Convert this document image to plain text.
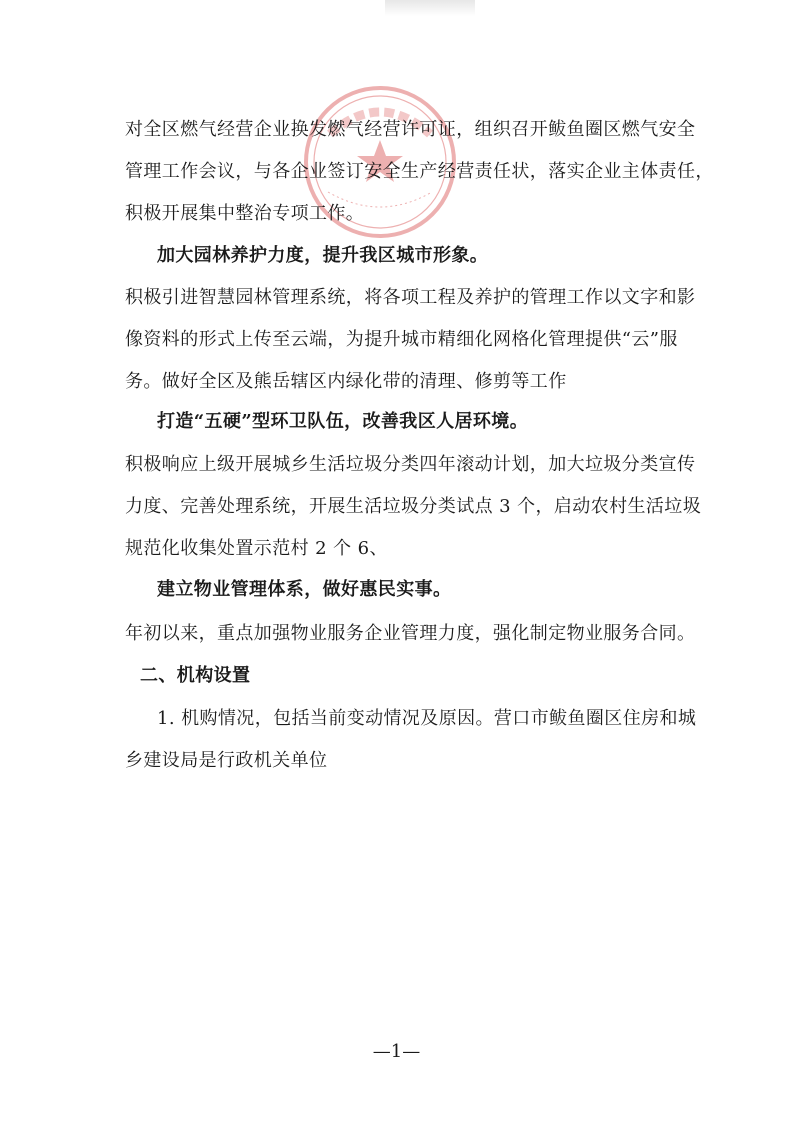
对全区燃气经营企业换发燃气经营许可证，组织召开鲅鱼圈区燃气安全
管理工作会议，与各企业签订安全生产经营责任状，落实企业主体责任，
积极开展集中整治专项工作。
加大园林养护力度，提升我区城市形象。
积极引进智慧园林管理系统，将各项工程及养护的管理工作以文字和影
像资料的形式上传至云端，为提升城市精细化网格化管理提供“云”服
务。做好全区及熊岳辖区内绿化带的清理、修剪等工作
打造“五硬”型环卫队伍，改善我区人居环境。
积极响应上级开展城乡生活垃圾分类四年滚动计划，加大垃圾分类宣传
力度、完善处理系统，开展生活垃圾分类试点 3 个，启动农村生活垃圾
规范化收集处置示范村 2 个 6、
建立物业管理体系，做好惠民实事。
年初以来，重点加强物业服务企业管理力度，强化制定物业服务合同。
二、机构设置
1. 机购情况，包括当前变动情况及原因。营口市鲅鱼圈区住房和城
乡建设局是行政机关单位
—1—
